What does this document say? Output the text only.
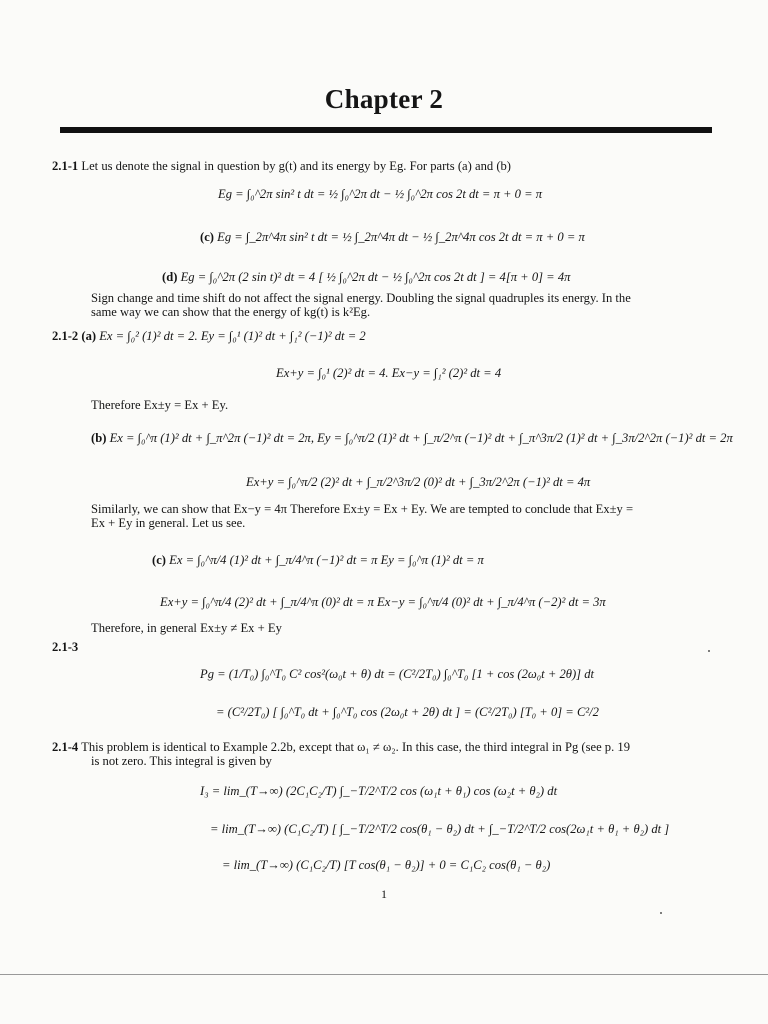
Chapter 2
2.1-1 Let us denote the signal in question by g(t) and its energy by Eg. For parts (a) and (b)
Eg = ∫₀^2π sin² t dt = ½ ∫₀^2π dt − ½ ∫₀^2π cos 2t dt = π + 0 = π
(c) Eg = ∫_2π^4π sin² t dt = ½ ∫_2π^4π dt − ½ ∫_2π^4π cos 2t dt = π + 0 = π
(d) Eg = ∫₀^2π (2 sin t)² dt = 4 [ ½ ∫₀^2π dt − ½ ∫₀^2π cos 2t dt ] = 4[π + 0] = 4π
Sign change and time shift do not affect the signal energy. Doubling the signal quadruples its energy. In the
same way we can show that the energy of kg(t) is k²Eg.
2.1-2 (a) Ex = ∫₀² (1)² dt = 2. Ey = ∫₀¹ (1)² dt + ∫₁² (−1)² dt = 2
Ex+y = ∫₀¹ (2)² dt = 4. Ex−y = ∫₁² (2)² dt = 4
Therefore Ex±y = Ex + Ey.
(b) Ex = ∫₀^π (1)² dt + ∫_π^2π (−1)² dt = 2π, Ey = ∫₀^π/2 (1)² dt + ∫_π/2^π (−1)² dt + ∫_π^3π/2 (1)² dt + ∫_3π/2^2π (−1)² dt = 2π
Ex+y = ∫₀^π/2 (2)² dt + ∫_π/2^3π/2 (0)² dt + ∫_3π/2^2π (−1)² dt = 4π
Similarly, we can show that Ex−y = 4π Therefore Ex±y = Ex + Ey. We are tempted to conclude that Ex±y =
Ex + Ey in general. Let us see.
(c) Ex = ∫₀^π/4 (1)² dt + ∫_π/4^π (−1)² dt = π Ey = ∫₀^π (1)² dt = π
Ex+y = ∫₀^π/4 (2)² dt + ∫_π/4^π (0)² dt = π Ex−y = ∫₀^π/4 (0)² dt + ∫_π/4^π (−2)² dt = 3π
Therefore, in general Ex±y ≠ Ex + Ey
2.1-3
Pg = (1/T₀) ∫₀^T₀ C² cos²(ω₀t + θ) dt = (C²/2T₀) ∫₀^T₀ [1 + cos (2ω₀t + 2θ)] dt
= (C²/2T₀) [ ∫₀^T₀ dt + ∫₀^T₀ cos (2ω₀t + 2θ) dt ] = (C²/2T₀) [T₀ + 0] = C²/2
2.1-4 This problem is identical to Example 2.2b, except that ω₁ ≠ ω₂. In this case, the third integral in Pg (see p. 19
is not zero. This integral is given by
I₃ = lim_(T→∞) (2C₁C₂/T) ∫_−T/2^T/2 cos (ω₁t + θ₁) cos (ω₂t + θ₂) dt
= lim_(T→∞) (C₁C₂/T) [ ∫_−T/2^T/2 cos(θ₁ − θ₂) dt + ∫_−T/2^T/2 cos(2ω₁t + θ₁ + θ₂) dt ]
= lim_(T→∞) (C₁C₂/T) [T cos(θ₁ − θ₂)] + 0 = C₁C₂ cos(θ₁ − θ₂)
1
